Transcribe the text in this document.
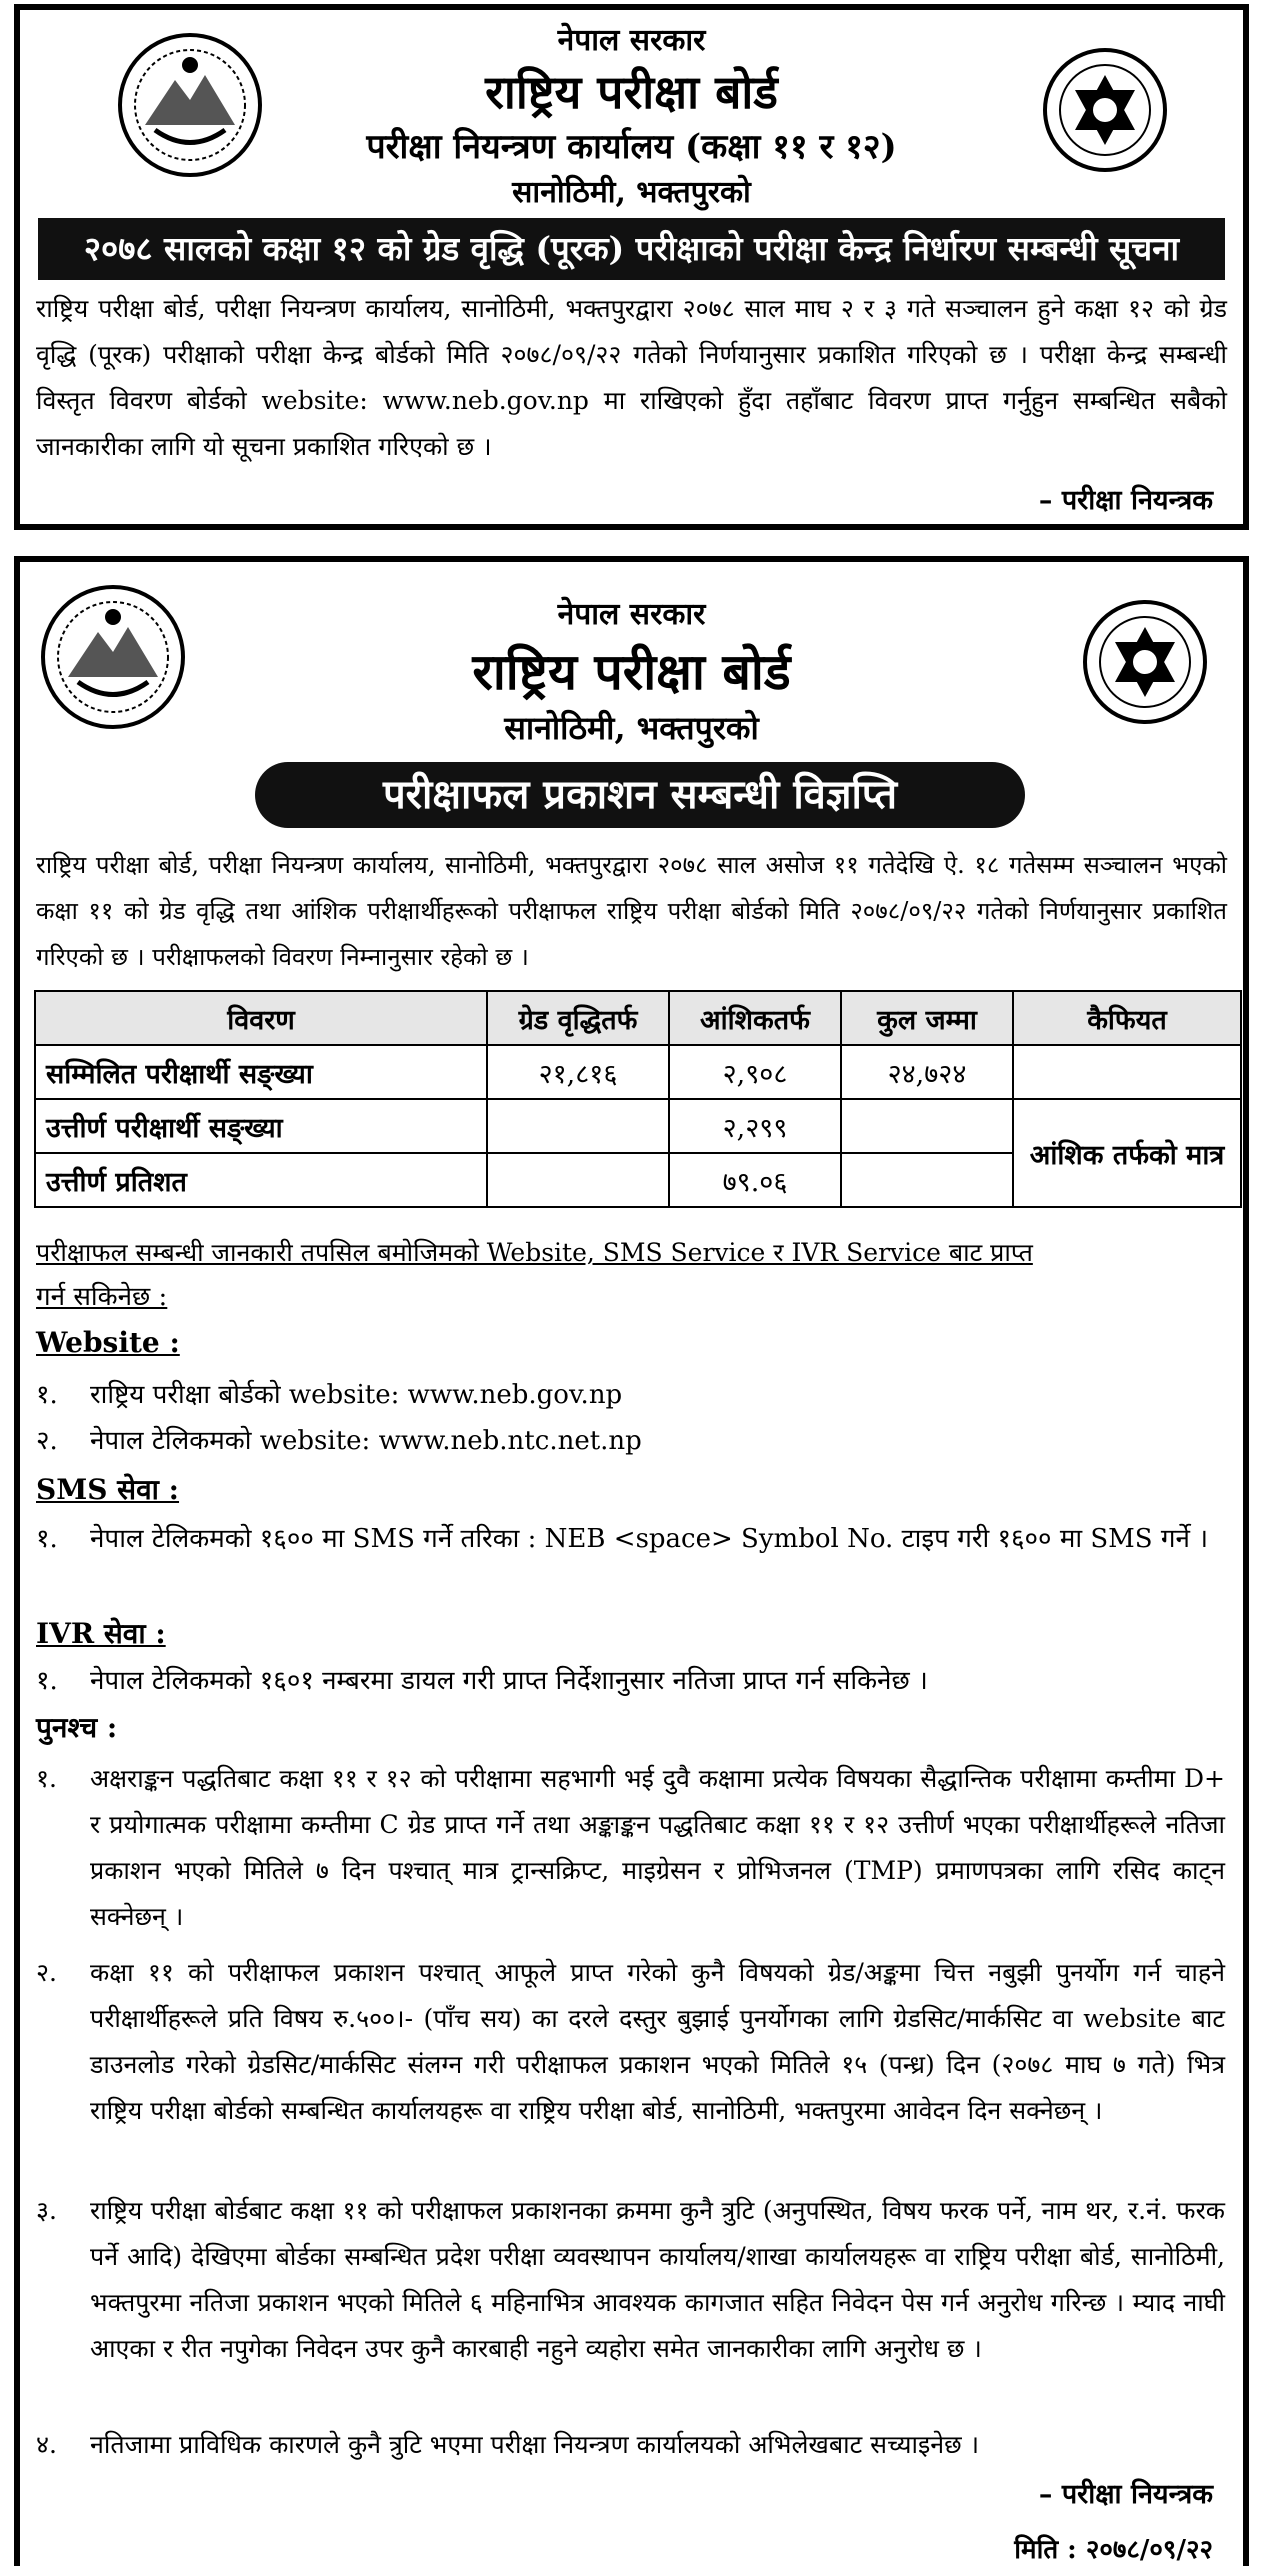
नेपाल सरकार
राष्ट्रिय परीक्षा बोर्ड
परीक्षा नियन्त्रण कार्यालय (कक्षा ११ र १२)
सानोठिमी, भक्तपुरको
२०७८ सालको कक्षा १२ को ग्रेड वृद्धि (पूरक) परीक्षाको परीक्षा केन्द्र निर्धारण सम्बन्धी सूचना
राष्ट्रिय परीक्षा बोर्ड, परीक्षा नियन्त्रण कार्यालय, सानोठिमी, भक्तपुरद्वारा २०७८ साल माघ २ र ३ गते सञ्चालन हुने कक्षा १२ को ग्रेड वृद्धि (पूरक) परीक्षाको परीक्षा केन्द्र बोर्डको मिति २०७८/०९/२२ गतेको निर्णयानुसार प्रकाशित गरिएको छ । परीक्षा केन्द्र सम्बन्धी विस्तृत विवरण बोर्डको website: www.neb.gov.np मा राखिएको हुँदा तहाँबाट विवरण प्राप्त गर्नुहुन सम्बन्धित सबैको जानकारीका लागि यो सूचना प्रकाशित गरिएको छ ।
– परीक्षा नियन्त्रक
नेपाल सरकार
राष्ट्रिय परीक्षा बोर्ड
सानोठिमी, भक्तपुरको
परीक्षाफल प्रकाशन सम्बन्धी विज्ञप्ति
राष्ट्रिय परीक्षा बोर्ड, परीक्षा नियन्त्रण कार्यालय, सानोठिमी, भक्तपुरद्वारा २०७८ साल असोज ११ गतेदेखि ऐ. १८ गतेसम्म सञ्चालन भएको कक्षा ११ को ग्रेड वृद्धि तथा आंशिक परीक्षार्थीहरूको परीक्षाफल राष्ट्रिय परीक्षा बोर्डको मिति २०७८/०९/२२ गतेको निर्णयानुसार प्रकाशित गरिएको छ । परीक्षाफलको विवरण निम्नानुसार रहेको छ ।
विवरण	ग्रेड वृद्धितर्फ	आंशिकतर्फ	कुल जम्मा	कैफियत
सम्मिलित परीक्षार्थी सङ्ख्या	२१,८१६	२,९०८	२४,७२४	
उत्तीर्ण परीक्षार्थी सङ्ख्या		२,२९९		आंशिक तर्फको मात्र
उत्तीर्ण प्रतिशत		७९.०६		
परीक्षाफल सम्बन्धी जानकारी तपसिल बमोजिमको Website, SMS Service र IVR Service बाट प्राप्त
गर्न सकिनेछ :
Website :
१. राष्ट्रिय परीक्षा बोर्डको website: www.neb.gov.np
२. नेपाल टेलिकमको website: www.neb.ntc.net.np
SMS सेवा :
१. नेपाल टेलिकमको १६०० मा SMS गर्ने तरिका : NEB <space> Symbol No. टाइप गरी १६०० मा SMS गर्ने ।
IVR सेवा :
१. नेपाल टेलिकमको १६०१ नम्बरमा डायल गरी प्राप्त निर्देशानुसार नतिजा प्राप्त गर्न सकिनेछ ।
पुनश्च :
१. अक्षराङ्कन पद्धतिबाट कक्षा ११ र १२ को परीक्षामा सहभागी भई दुवै कक्षामा प्रत्येक विषयका सैद्धान्तिक परीक्षामा कम्तीमा D+ र प्रयोगात्मक परीक्षामा कम्तीमा C ग्रेड प्राप्त गर्ने तथा अङ्काङ्कन पद्धतिबाट कक्षा ११ र १२ उत्तीर्ण भएका परीक्षार्थीहरूले नतिजा प्रकाशन भएको मितिले ७ दिन पश्चात् मात्र ट्रान्सक्रिप्ट, माइग्रेसन र प्रोभिजनल (TMP) प्रमाणपत्रका लागि रसिद काट्न सक्नेछन् ।
२. कक्षा ११ को परीक्षाफल प्रकाशन पश्चात् आफूले प्राप्त गरेको कुनै विषयको ग्रेड/अङ्कमा चित्त नबुझी पुनर्योग गर्न चाहने परीक्षार्थीहरूले प्रति विषय रु.५००।- (पाँच सय) का दरले दस्तुर बुझाई पुनर्योगका लागि ग्रेडसिट/मार्कसिट वा website बाट डाउनलोड गरेको ग्रेडसिट/मार्कसिट संलग्न गरी परीक्षाफल प्रकाशन भएको मितिले १५ (पन्ध्र) दिन (२०७८ माघ ७ गते) भित्र राष्ट्रिय परीक्षा बोर्डको सम्बन्धित कार्यालयहरू वा राष्ट्रिय परीक्षा बोर्ड, सानोठिमी, भक्तपुरमा आवेदन दिन सक्नेछन् ।
३. राष्ट्रिय परीक्षा बोर्डबाट कक्षा ११ को परीक्षाफल प्रकाशनका क्रममा कुनै त्रुटि (अनुपस्थित, विषय फरक पर्ने, नाम थर, र.नं. फरक पर्ने आदि) देखिएमा बोर्डका सम्बन्धित प्रदेश परीक्षा व्यवस्थापन कार्यालय/शाखा कार्यालयहरू वा राष्ट्रिय परीक्षा बोर्ड, सानोठिमी, भक्तपुरमा नतिजा प्रकाशन भएको मितिले ६ महिनाभित्र आवश्यक कागजात सहित निवेदन पेस गर्न अनुरोध गरिन्छ । म्याद नाघी आएका र रीत नपुगेका निवेदन उपर कुनै कारबाही नहुने व्यहोरा समेत जानकारीका लागि अनुरोध छ ।
४. नतिजामा प्राविधिक कारणले कुनै त्रुटि भएमा परीक्षा नियन्त्रण कार्यालयको अभिलेखबाट सच्याइनेछ ।
– परीक्षा नियन्त्रक
मिति : २०७८/०९/२२
